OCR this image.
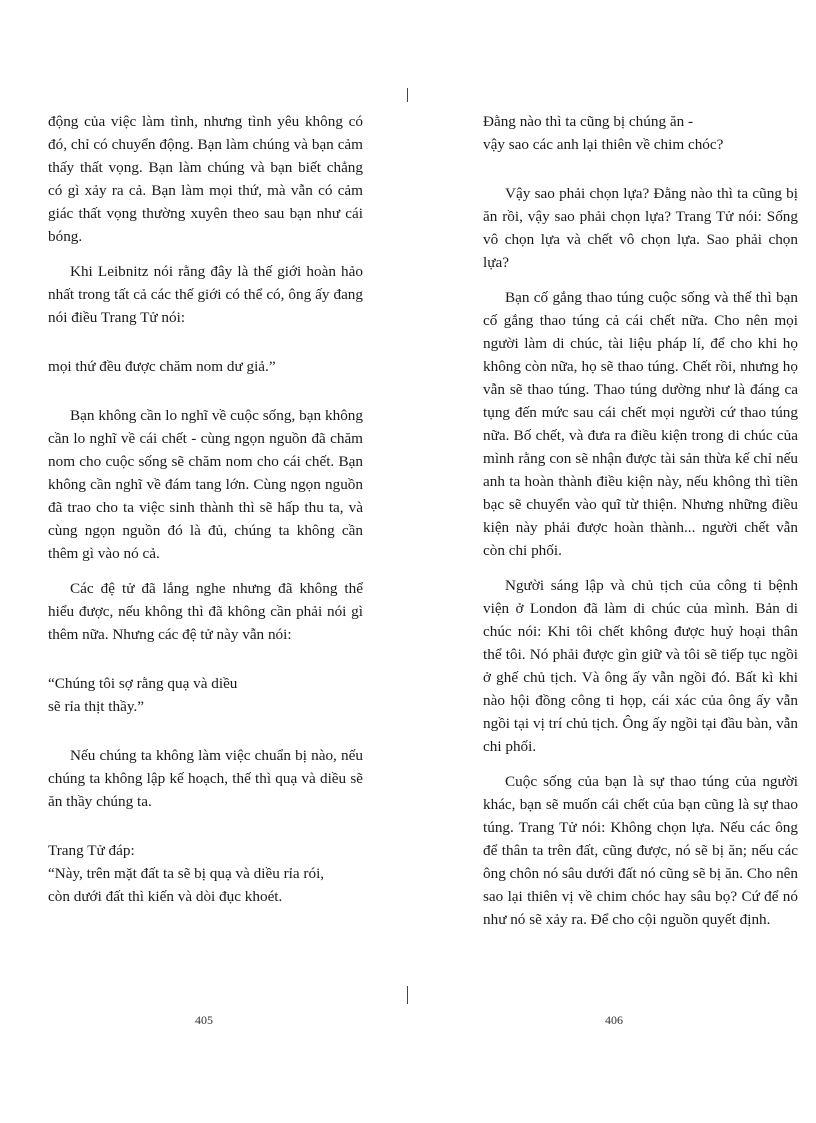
động của việc làm tình, nhưng tình yêu không có đó, chỉ có chuyển động. Bạn làm chúng và bạn cảm thấy thất vọng. Bạn làm chúng và bạn biết chẳng có gì xảy ra cả. Bạn làm mọi thứ, mà vẫn có cảm giác thất vọng thường xuyên theo sau bạn như cái bóng.

Khi Leibnitz nói rằng đây là thế giới hoàn hảo nhất trong tất cả các thế giới có thể có, ông ấy đang nói điều Trang Tử nói:

mọi thứ đều được chăm nom dư giả.”

Bạn không cần lo nghĩ về cuộc sống, bạn không cần lo nghĩ về cái chết - cùng ngọn nguồn đã chăm nom cho cuộc sống sẽ chăm nom cho cái chết. Bạn không cần nghĩ về đám tang lớn. Cùng ngọn nguồn đã trao cho ta việc sinh thành thì sẽ hấp thu ta, và cùng ngọn nguồn đó là đủ, chúng ta không cần thêm gì vào nó cả.

Các đệ tử đã lắng nghe nhưng đã không thể hiểu được, nếu không thì đã không cần phải nói gì thêm nữa. Nhưng các đệ tử này vẫn nói:

“Chúng tôi sợ rằng quạ và diều
sẽ rỉa thịt thầy.”

Nếu chúng ta không làm việc chuẩn bị nào, nếu chúng ta không lập kế hoạch, thế thì quạ và diều sẽ ăn thầy chúng ta.

Trang Tử đáp:
“Này, trên mặt đất ta sẽ bị quạ và diều rỉa rói,
còn dưới đất thì kiến và dòi đục khoét.
Đằng nào thì ta cũng bị chúng ăn -
vậy sao các anh lại thiên về chim chóc?

Vậy sao phải chọn lựa? Đằng nào thì ta cũng bị ăn rồi, vậy sao phải chọn lựa? Trang Tử nói: Sống vô chọn lựa và chết vô chọn lựa. Sao phải chọn lựa?

Bạn cố gắng thao túng cuộc sống và thế thì bạn cố gắng thao túng cả cái chết nữa. Cho nên mọi người làm di chúc, tài liệu pháp lí, để cho khi họ không còn nữa, họ sẽ thao túng. Chết rồi, nhưng họ vẫn sẽ thao túng. Thao túng dường như là đáng ca tụng đến mức sau cái chết mọi người cứ thao túng nữa. Bố chết, và đưa ra điều kiện trong di chúc của mình rằng con sẽ nhận được tài sản thừa kế chỉ nếu anh ta hoàn thành điều kiện này, nếu không thì tiền bạc sẽ chuyển vào quĩ từ thiện. Nhưng những điều kiện này phải được hoàn thành... người chết vẫn còn chi phối.

Người sáng lập và chủ tịch của công ti bệnh viện ở London đã làm di chúc của mình. Bản di chúc nói: Khi tôi chết không được huỷ hoại thân thể tôi. Nó phải được gìn giữ và tôi sẽ tiếp tục ngồi ở ghế chủ tịch. Và ông ấy vẫn ngồi đó. Bất kì khi nào hội đồng công ti họp, cái xác của ông ấy vẫn ngồi tại vị trí chủ tịch. Ông ấy ngồi tại đầu bàn, vẫn chi phối.

Cuộc sống của bạn là sự thao túng của người khác, bạn sẽ muốn cái chết của bạn cũng là sự thao túng. Trang Tử nói: Không chọn lựa. Nếu các ông để thân ta trên đất, cũng được, nó sẽ bị ăn; nếu các ông chôn nó sâu dưới đất nó cũng sẽ bị ăn. Cho nên sao lại thiên vị về chim chóc hay sâu bọ? Cứ để nó như nó sẽ xảy ra. Để cho cội nguồn quyết định.

405	406
